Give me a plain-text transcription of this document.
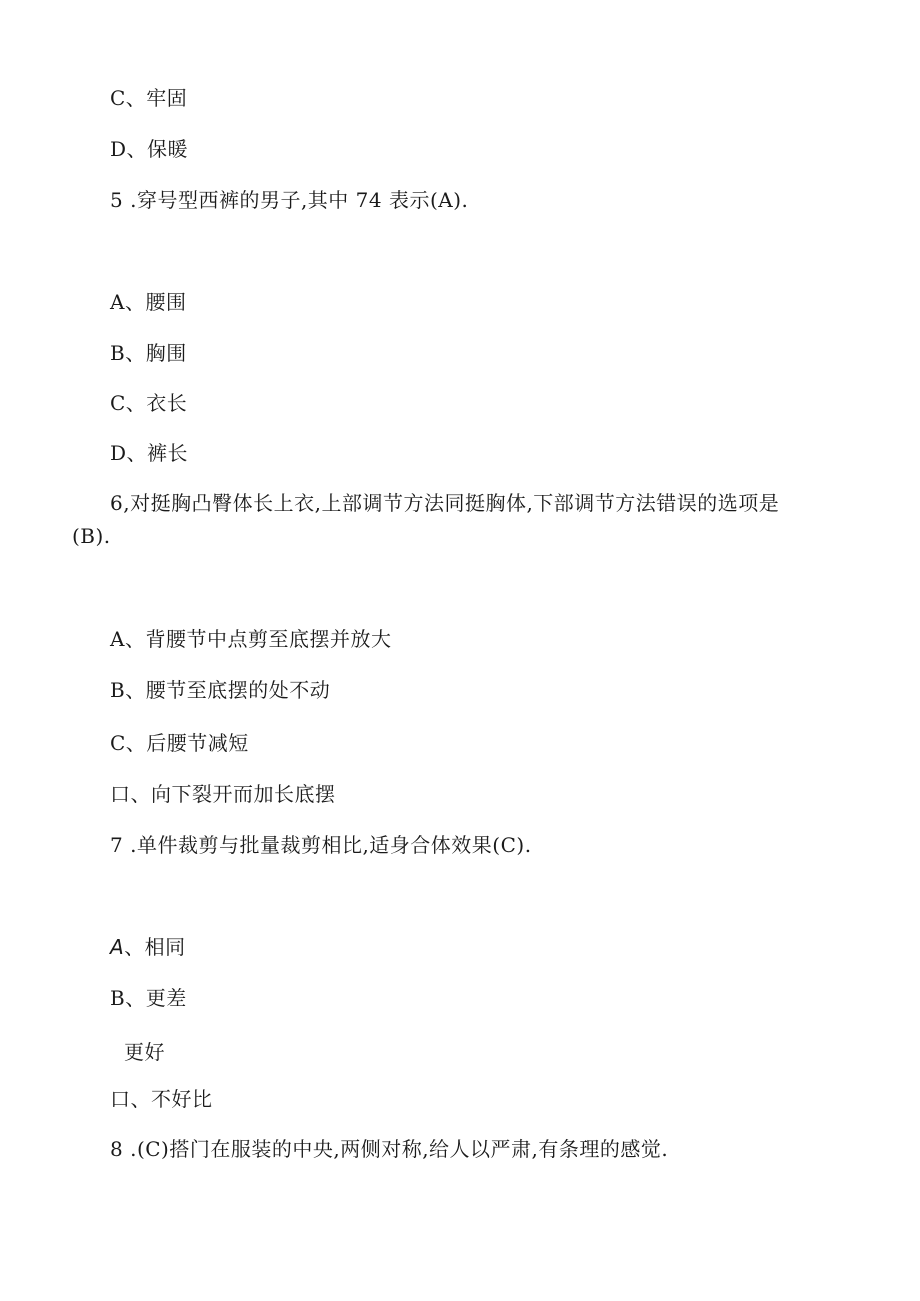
C、牢固
D、保暖
5 .穿号型西裤的男子,其中 74 表示(A).
A、腰围
B、胸围
C、衣长
D、裤长
6,对挺胸凸臀体长上衣,上部调节方法同挺胸体,下部调节方法错误的选项是
(B).
A、背腰节中点剪至底摆并放大
B、腰节至底摆的处不动
C、后腰节减短
口、向下裂开而加长底摆
7 .单件裁剪与批量裁剪相比,适身合体效果(C).
A、相同
B、更差
更好
口、不好比
8 .(C)搭门在服装的中央,两侧对称,给人以严肃,有条理的感觉.
